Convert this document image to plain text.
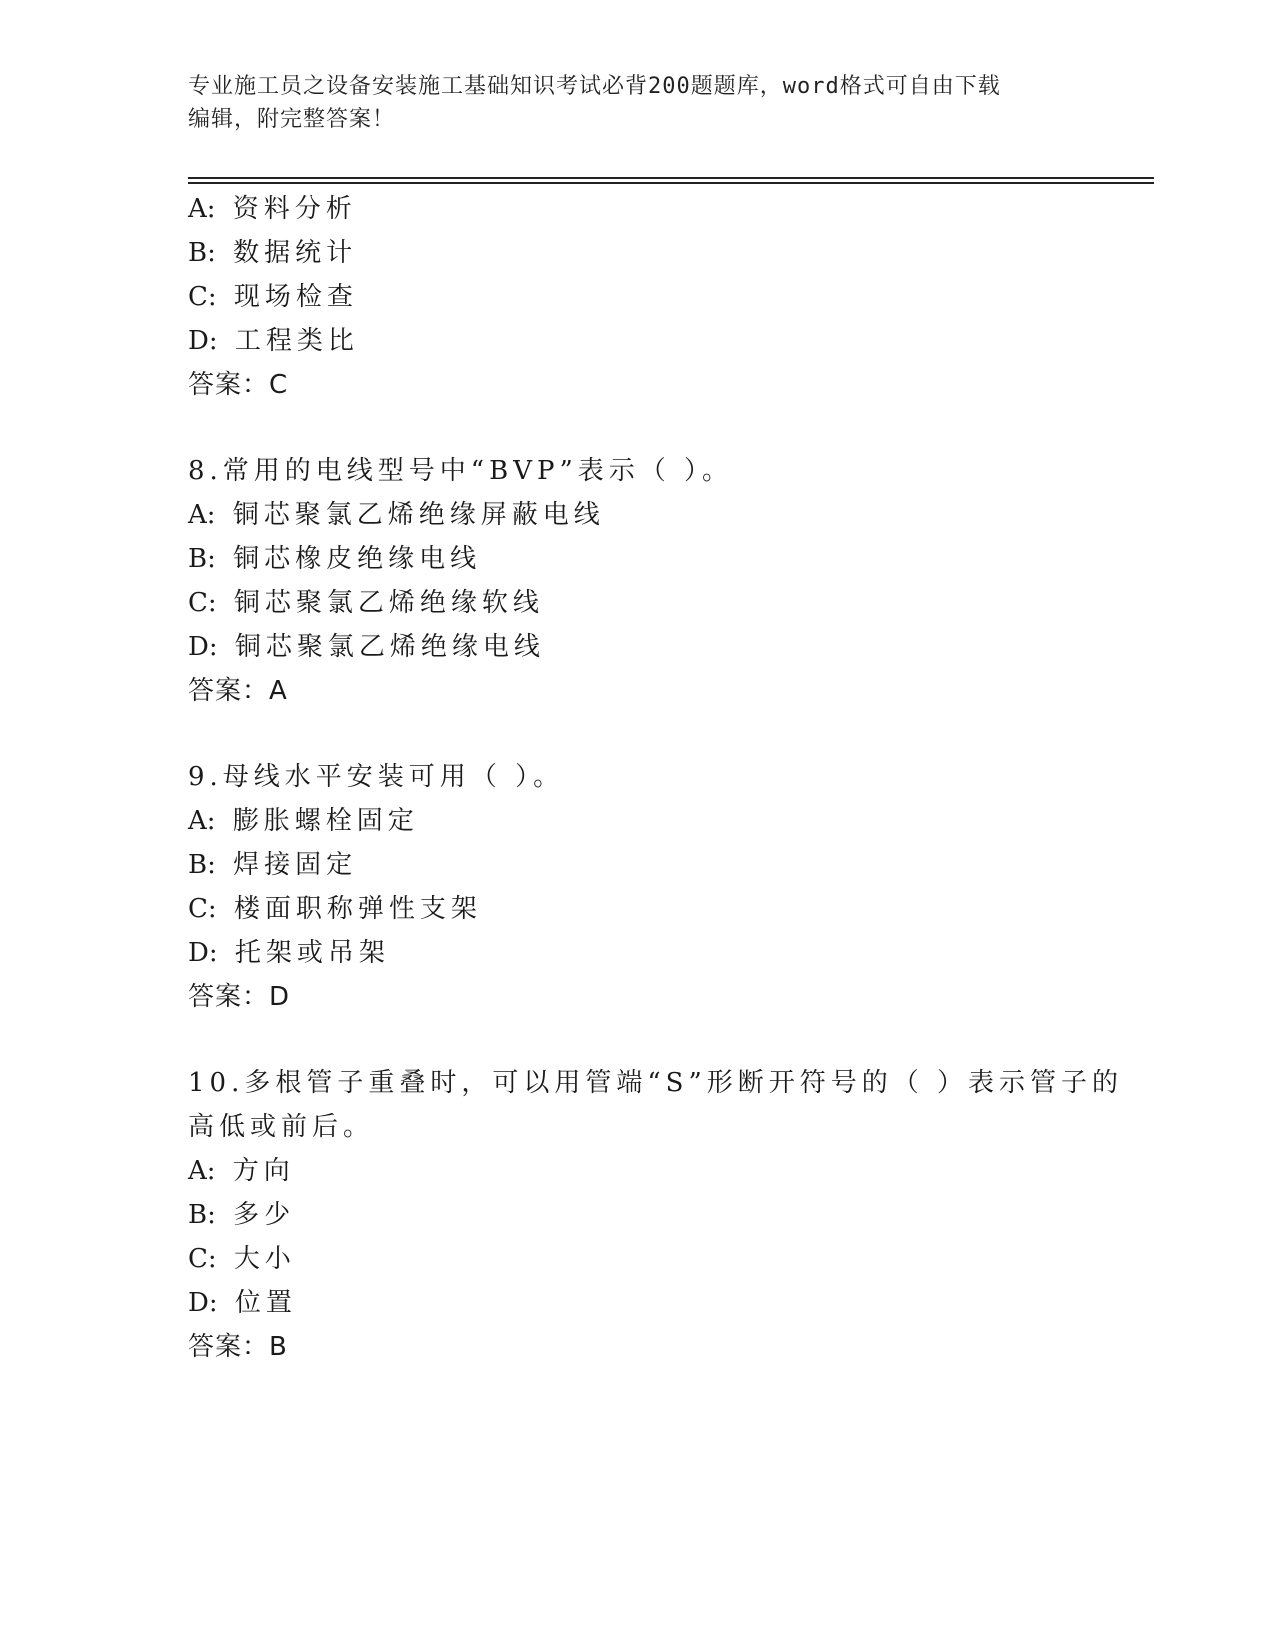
专业施工员之设备安装施工基础知识考试必背200题题库，word格式可自由下载
编辑，附完整答案！
A: 资料分析
B: 数据统计
C: 现场检查
D: 工程类比
答案：C
8.常用的电线型号中“BVP”表示（ ）。
A: 铜芯聚氯乙烯绝缘屏蔽电线
B: 铜芯橡皮绝缘电线
C: 铜芯聚氯乙烯绝缘软线
D: 铜芯聚氯乙烯绝缘电线
答案：A
9.母线水平安装可用（ ）。
A: 膨胀螺栓固定
B: 焊接固定
C: 楼面职称弹性支架
D: 托架或吊架
答案：D
10.多根管子重叠时，可以用管端“S”形断开符号的（ ）表示管子的
高低或前后。
A: 方向
B: 多少
C: 大小
D: 位置
答案：B
